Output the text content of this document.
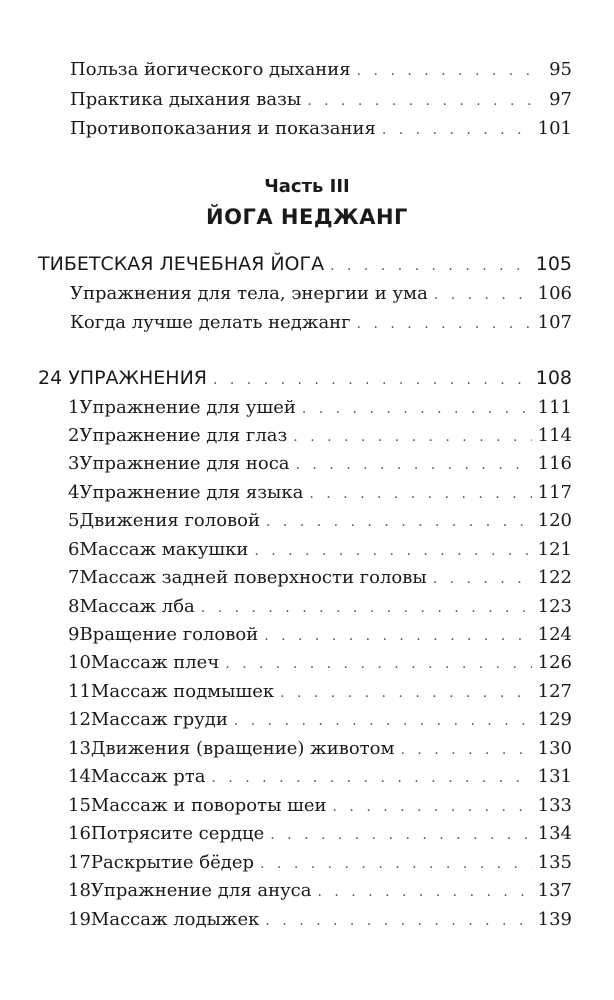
Польза йогического дыхания . . .	95
Практика дыхания вазы . . .	97
Противопоказания и показания . . .	101
Часть III
ЙОГА НЕДЖАНГ
ТИБЕТСКАЯ ЛЕЧЕБНАЯ ЙОГА . . .	105
Упражнения для тела, энергии и ума . . .	106
Когда лучше делать неджанг . . .	107
24 УПРАЖНЕНИЯ . . .	108
1 Упражнение для ушей . . .	111
2 Упражнение для глаз . . .	114
3 Упражнение для носа . . .	116
4 Упражнение для языка . . .	117
5 Движения головой . . .	120
6 Массаж макушки . . .	121
7 Массаж задней поверхности головы . . .	122
8 Массаж лба . . .	123
9 Вращение головой . . .	124
10 Массаж плеч . . .	126
11 Массаж подмышек . . .	127
12 Массаж груди . . .	129
13 Движения (вращение) животом . . .	130
14 Массаж рта . . .	131
15 Массаж и повороты шеи . . .	133
16 Потрясите сердце . . .	134
17 Раскрытие бёдер . . .	135
18 Упражнение для ануса . . .	137
19 Массаж лодыжек . . .	139
